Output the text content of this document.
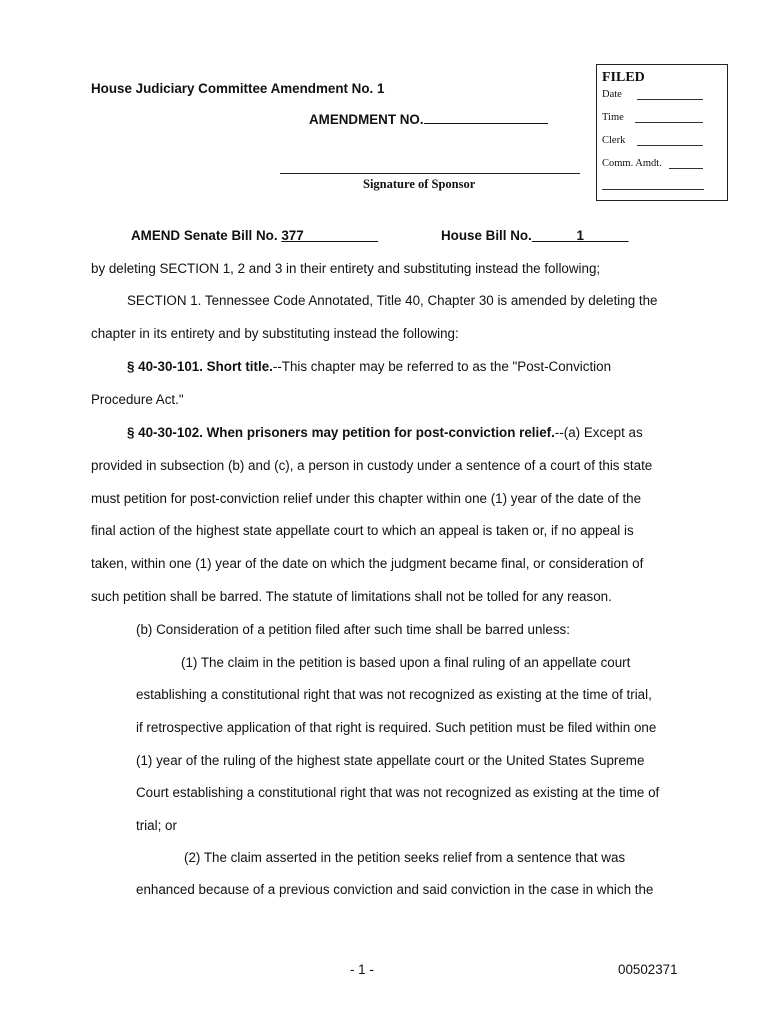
House Judiciary Committee Amendment No. 1
AMENDMENT NO.
Signature of Sponsor
FILED
Date
Time
Clerk
Comm. Amdt.
AMEND Senate Bill No. 377	House Bill No.	1
by deleting SECTION 1, 2 and 3 in their entirety and substituting instead the following;
SECTION 1. Tennessee Code Annotated, Title 40, Chapter 30 is amended by deleting the
chapter in its entirety and by substituting instead the following:
§ 40-30-101. Short title.--This chapter may be referred to as the "Post-Conviction
Procedure Act."
§ 40-30-102. When prisoners may petition for post-conviction relief.--(a) Except as
provided in subsection (b) and (c), a person in custody under a sentence of a court of this state
must petition for post-conviction relief under this chapter within one (1) year of the date of the
final action of the highest state appellate court to which an appeal is taken or, if no appeal is
taken, within one (1) year of the date on which the judgment became final, or consideration of
such petition shall be barred. The statute of limitations shall not be tolled for any reason.
(b) Consideration of a petition filed after such time shall be barred unless:
(1) The claim in the petition is based upon a final ruling of an appellate court
establishing a constitutional right that was not recognized as existing at the time of trial,
if retrospective application of that right is required. Such petition must be filed within one
(1) year of the ruling of the highest state appellate court or the United States Supreme
Court establishing a constitutional right that was not recognized as existing at the time of
trial; or
(2) The claim asserted in the petition seeks relief from a sentence that was
enhanced because of a previous conviction and said conviction in the case in which the
- 1 -	00502371
